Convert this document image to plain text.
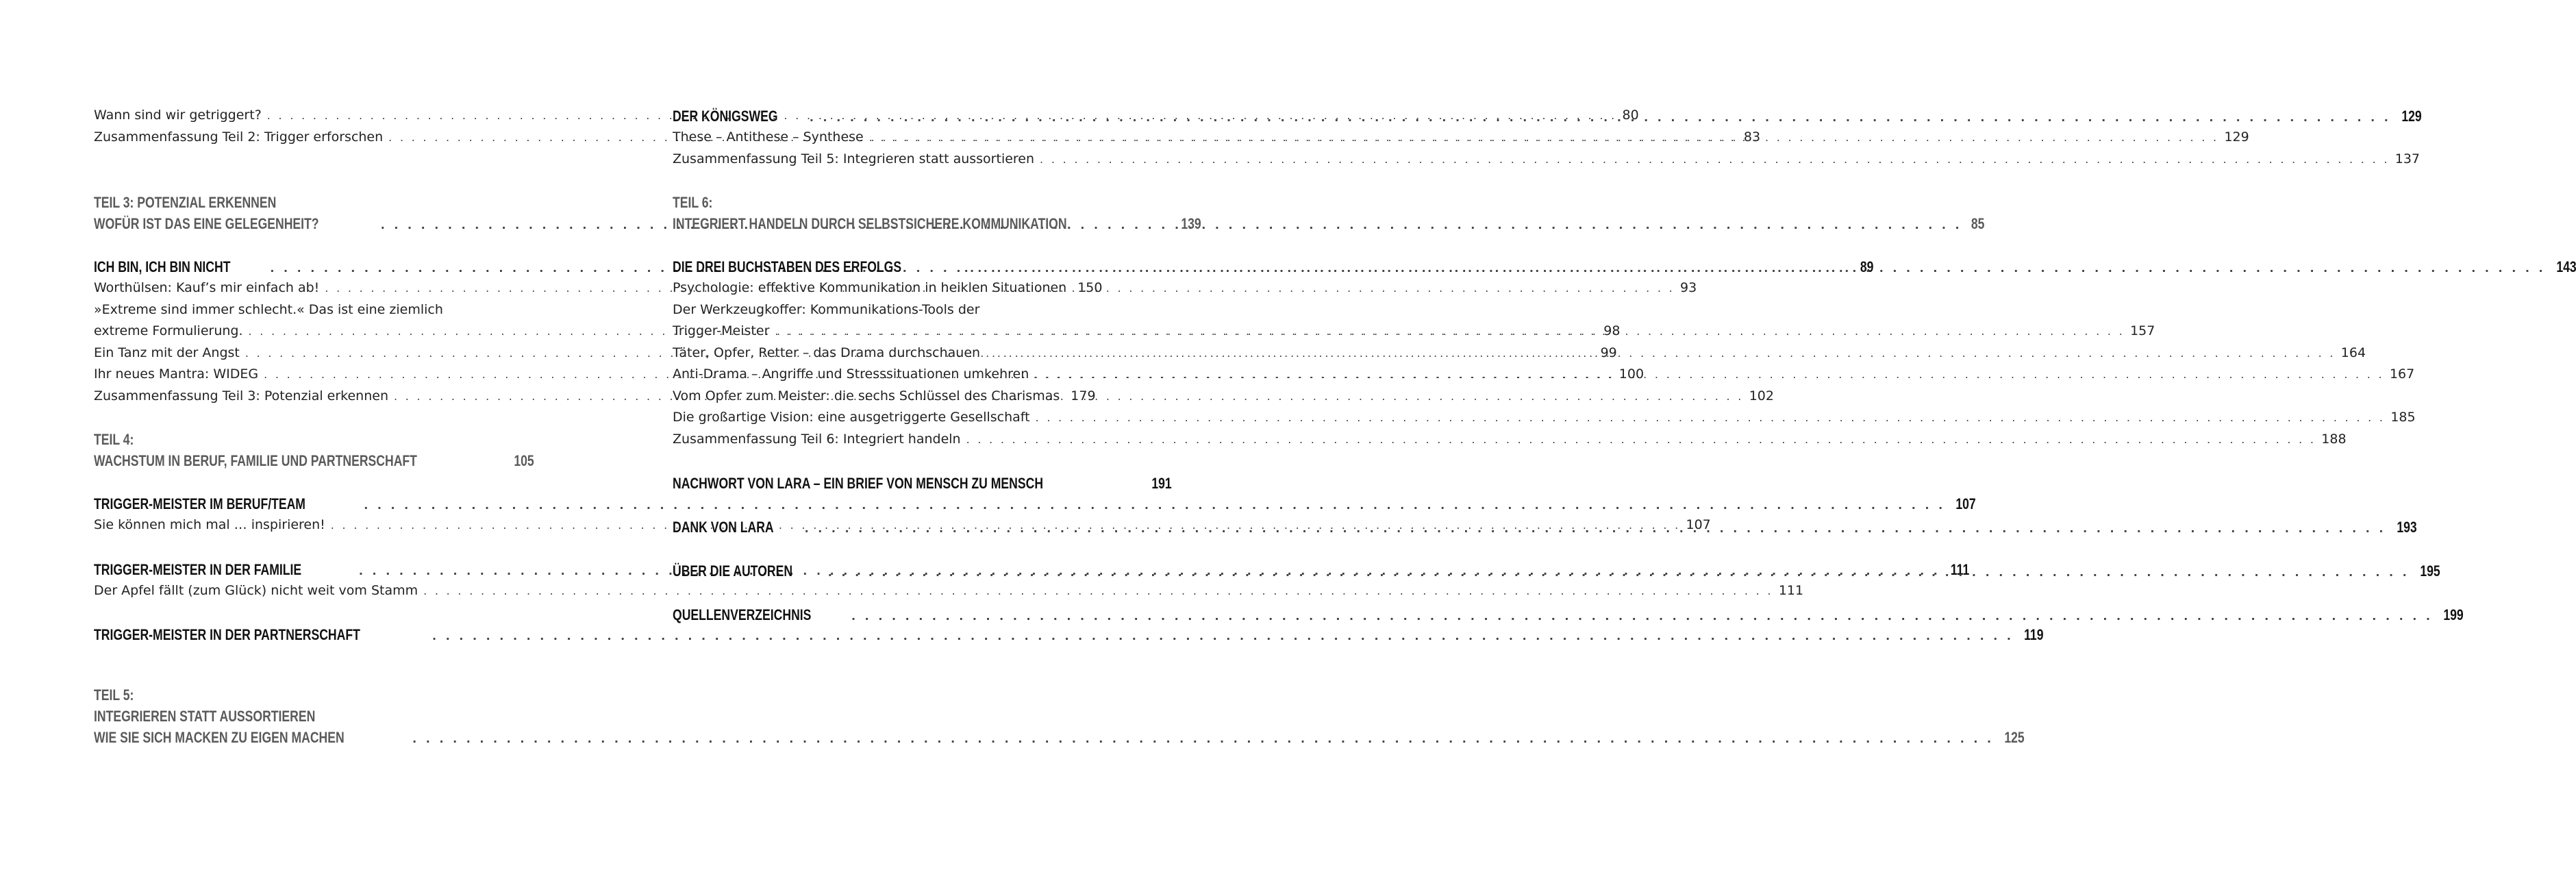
Wann sind wir getriggert? . . .	80
Zusammenfassung Teil 2: Trigger erforschen . . .	83
TEIL 3: POTENZIAL ERKENNEN
WOFÜR IST DAS EINE GELEGENHEIT? . . .	85
ICH BIN, ICH BIN NICHT . . .	89
Worthülsen: Kauf’s mir einfach ab! . . .	93
»Extreme sind immer schlecht.« Das ist eine ziemlich
extreme Formulierung. . . .	98
Ein Tanz mit der Angst . . .	99
Ihr neues Mantra: WIDEG . . .	100
Zusammenfassung Teil 3: Potenzial erkennen . . .	102
TEIL 4:
WACHSTUM IN BERUF, FAMILIE UND PARTNERSCHAFT	105
TRIGGER-MEISTER IM BERUF/TEAM . . .	107
Sie können mich mal … inspirieren! . . .	107
TRIGGER-MEISTER IN DER FAMILIE . . .	111
Der Apfel fällt (zum Glück) nicht weit vom Stamm . . .	111
TRIGGER-MEISTER IN DER PARTNERSCHAFT . . .	119
TEIL 5:
INTEGRIEREN STATT AUSSORTIEREN
WIE SIE SICH MACKEN ZU EIGEN MACHEN . . .	125
DER KÖNIGSWEG . . .	129
These – Antithese – Synthese . . .	129
Zusammenfassung Teil 5: Integrieren statt aussortieren . . .	137
TEIL 6:
INTEGRIERT HANDELN DURCH SELBSTSICHERE KOMMUNIKATION	139
DIE DREI BUCHSTABEN DES ERFOLGS . . .	143
Psychologie: effektive Kommunikation in heiklen Situationen 150
Der Werkzeugkoffer: Kommunikations-Tools der
Trigger-Meister . . .	157
Täter, Opfer, Retter – das Drama durchschauen . . .	164
Anti-Drama – Angriffe und Stresssituationen umkehren . . .	167
Vom Opfer zum Meister: die sechs Schlüssel des Charismas 179
Die großartige Vision: eine ausgetriggerte Gesellschaft . . .	185
Zusammenfassung Teil 6: Integriert handeln . . .	188
NACHWORT VON LARA – EIN BRIEF VON MENSCH ZU MENSCH	191
DANK VON LARA . . .	193
ÜBER DIE AUTOREN . . .	195
QUELLENVERZEICHNIS . . .	199
